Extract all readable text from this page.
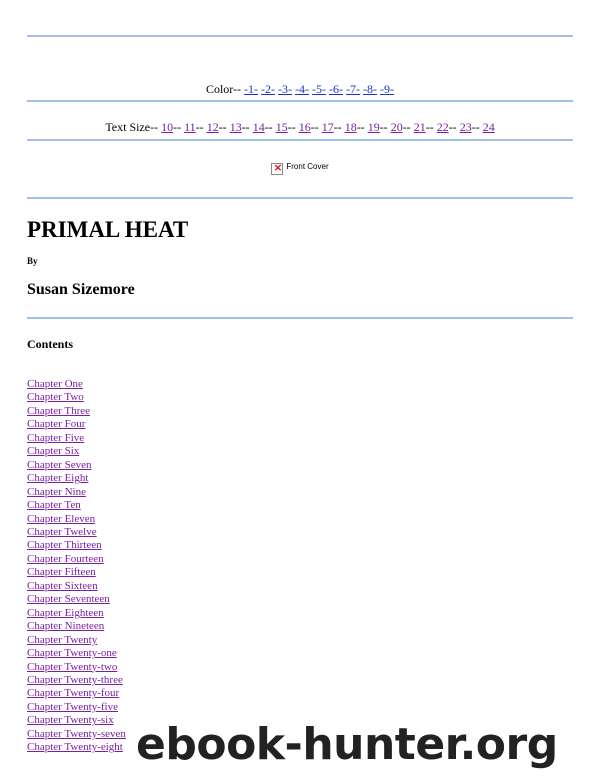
Color-- -1- -2- -3- -4- -5- -6- -7- -8- -9-
Text Size-- 10-- 11-- 12-- 13-- 14-- 15-- 16-- 17-- 18-- 19-- 20-- 21-- 22-- 23-- 24
×Front Cover
PRIMAL HEAT
By
Susan Sizemore
Contents
Chapter One
Chapter Two
Chapter Three
Chapter Four
Chapter Five
Chapter Six
Chapter Seven
Chapter Eight
Chapter Nine
Chapter Ten
Chapter Eleven
Chapter Twelve
Chapter Thirteen
Chapter Fourteen
Chapter Fifteen
Chapter Sixteen
Chapter Seventeen
Chapter Eighteen
Chapter Nineteen
Chapter Twenty
Chapter Twenty-one
Chapter Twenty-two
Chapter Twenty-three
Chapter Twenty-four
Chapter Twenty-five
Chapter Twenty-six
Chapter Twenty-seven
Chapter Twenty-eight ebook-hunter.org
